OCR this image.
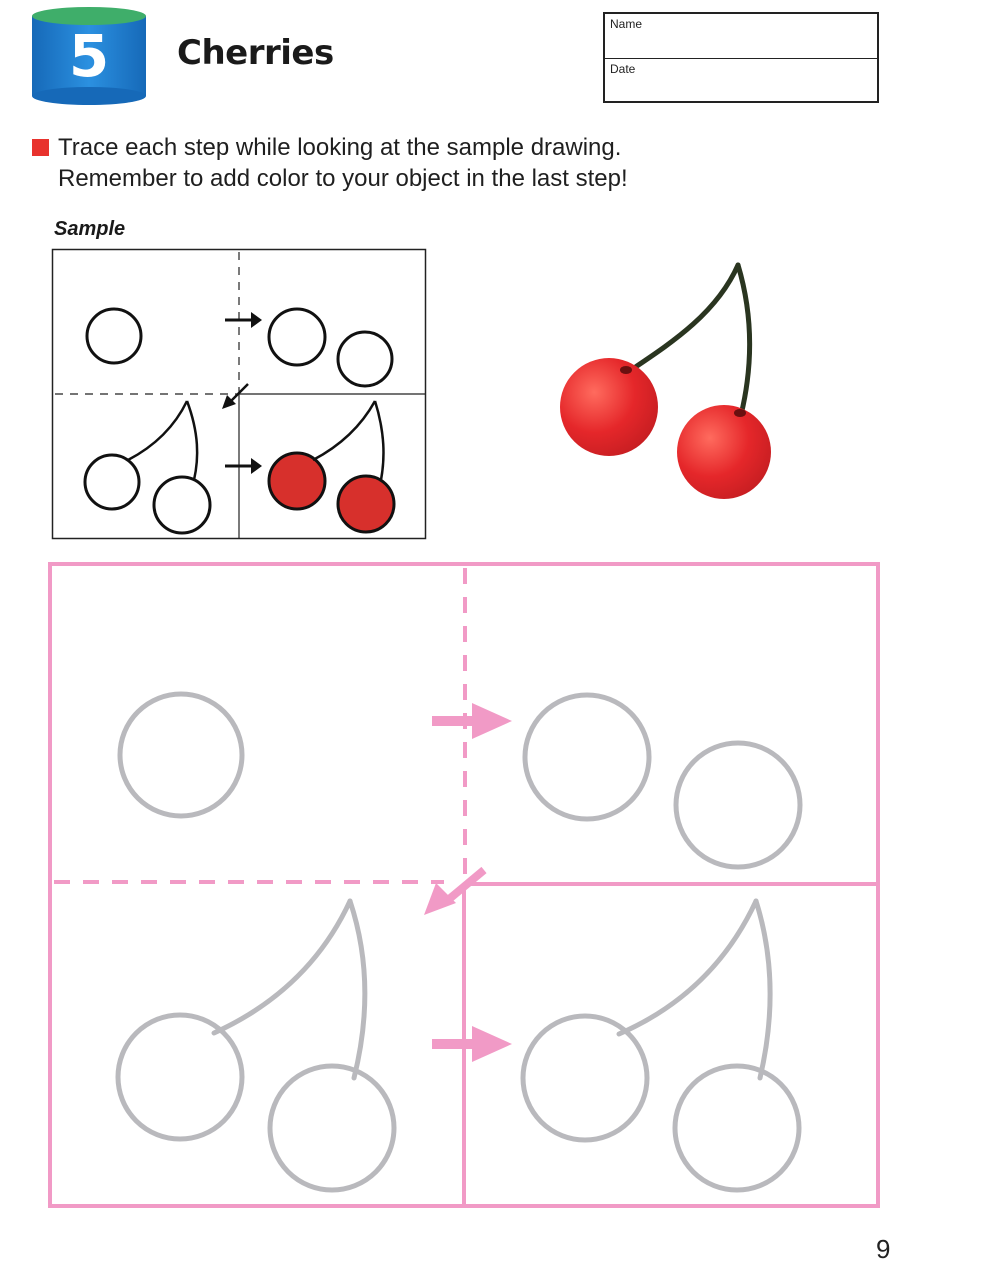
5	Cherries
Name
Date
Trace each step while looking at the sample drawing.
Remember to add color to your object in the last step!
Sample
9
